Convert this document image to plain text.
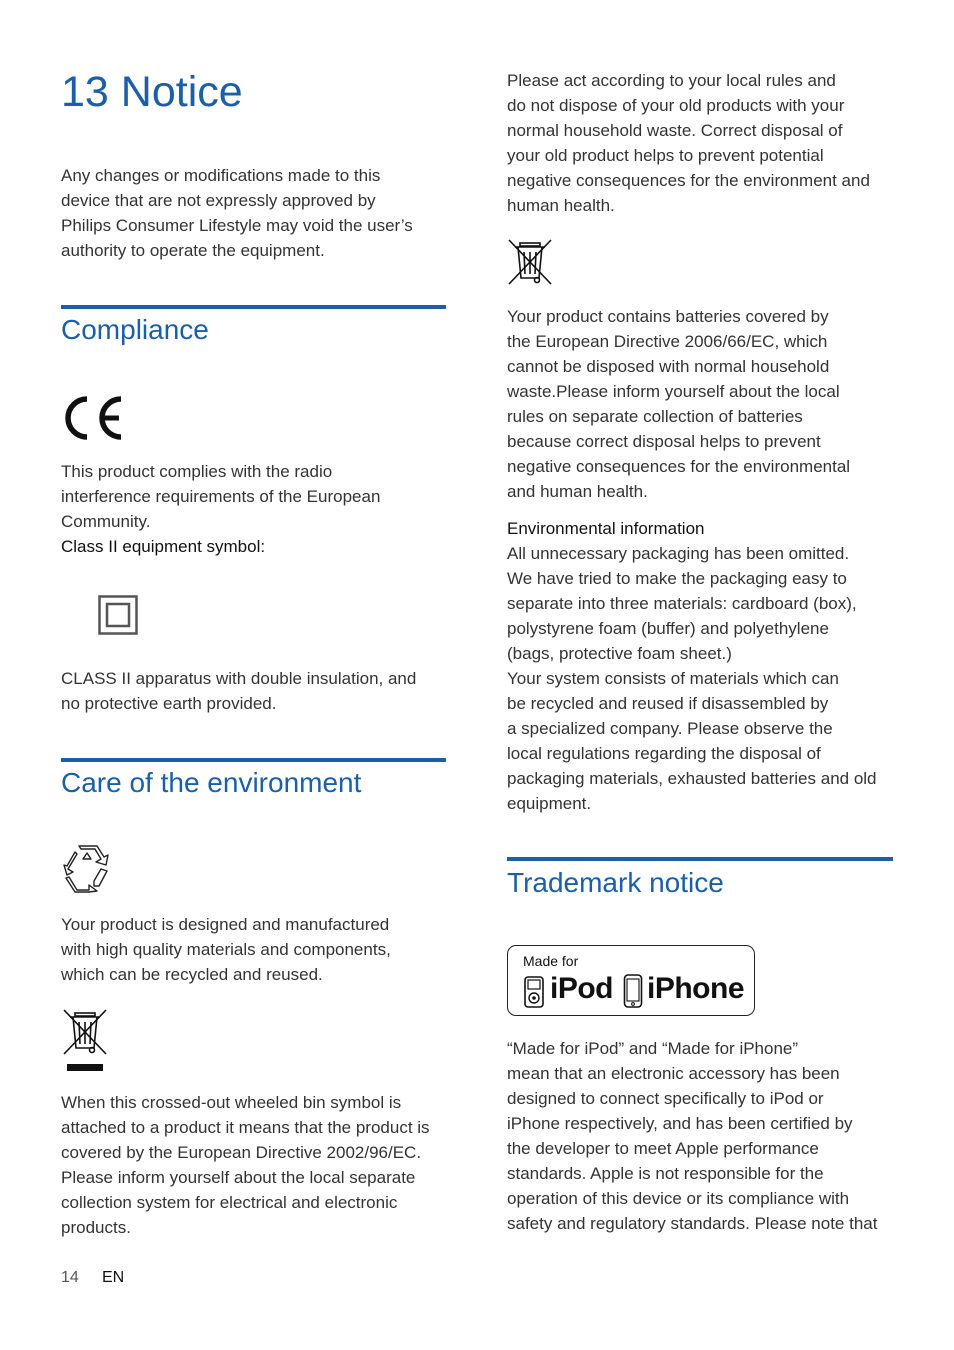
13 Notice

Any changes or modifications made to this
device that are not expressly approved by
Philips Consumer Lifestyle may void the user’s
authority to operate the equipment.

Compliance

This product complies with the radio
interference requirements of the European
Community.

Class II equipment symbol:

CLASS II apparatus with double insulation, and
no protective earth provided.

Care of the environment

Your product is designed and manufactured
with high quality materials and components,
which can be recycled and reused.

When this crossed-out wheeled bin symbol is
attached to a product it means that the product is
covered by the European Directive 2002/96/EC.
Please inform yourself about the local separate
collection system for electrical and electronic
products.

Please act according to your local rules and
do not dispose of your old products with your
normal household waste. Correct disposal of
your old product helps to prevent potential
negative consequences for the environment and
human health.

Your product contains batteries covered by
the European Directive 2006/66/EC, which
cannot be disposed with normal household
waste.Please inform yourself about the local
rules on separate collection of batteries
because correct disposal helps to prevent
negative consequences for the environmental
and human health.

Environmental information

All unnecessary packaging has been omitted.
We have tried to make the packaging easy to
separate into three materials: cardboard (box),
polystyrene foam (buffer) and polyethylene
(bags, protective foam sheet.)
Your system consists of materials which can
be recycled and reused if disassembled by
a specialized company. Please observe the
local regulations regarding the disposal of
packaging materials, exhausted batteries and old
equipment.

Trademark notice
Made for
iPod iPhone

“Made for iPod” and “Made for iPhone”
mean that an electronic accessory has been
designed to connect specifically to iPod or
iPhone respectively, and has been certified by
the developer to meet Apple performance
standards. Apple is not responsible for the
operation of this device or its compliance with
safety and regulatory standards. Please note that

14 EN
